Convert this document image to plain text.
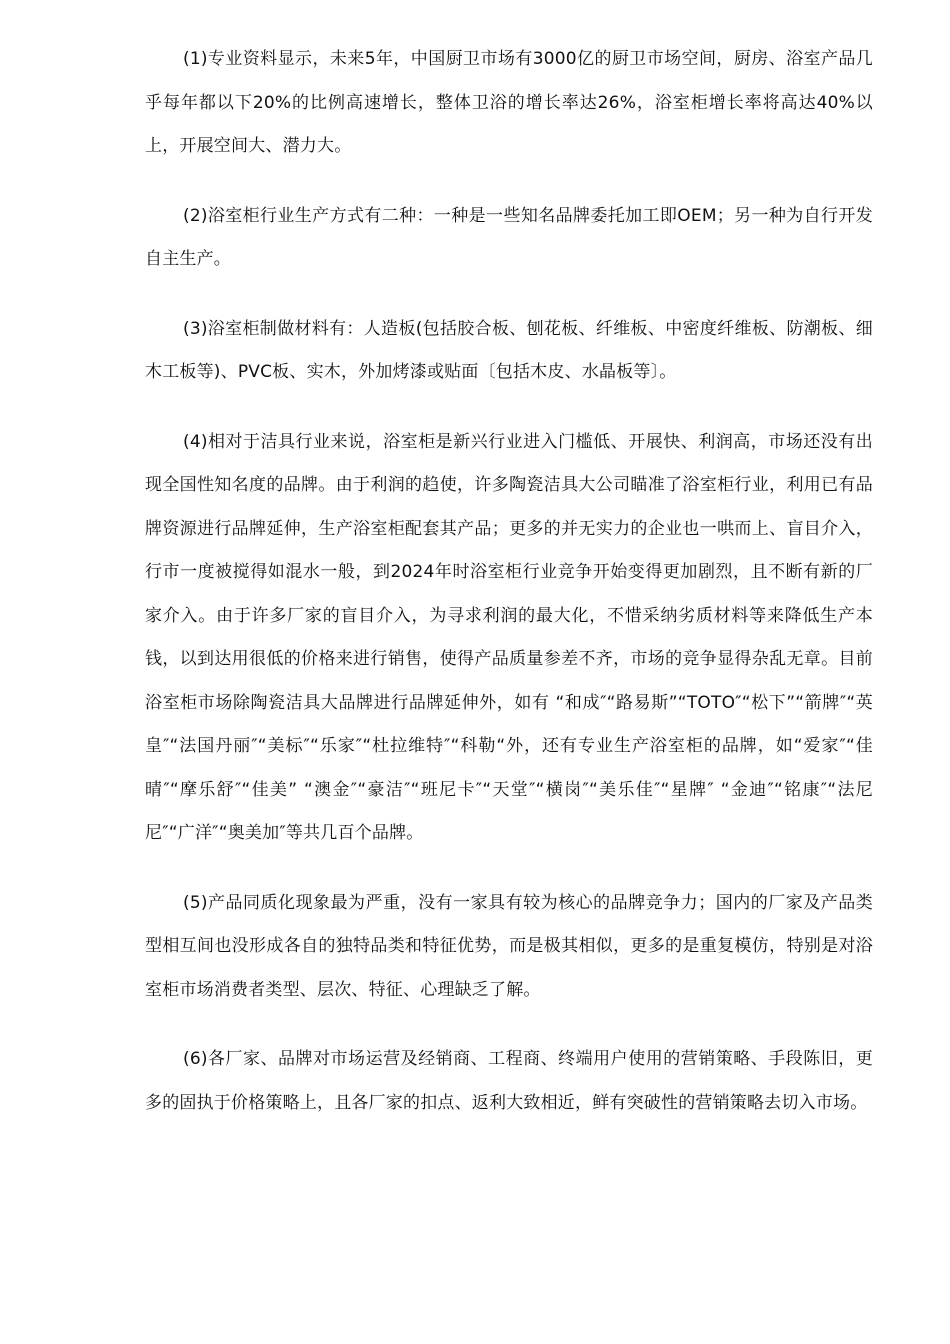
(1)专业资料显示，未来5年，中国厨卫市场有3000亿的厨卫市场空间，厨房、浴室产品几乎每年都以下20%的比例高速增长，整体卫浴的增长率达26%，浴室柜增长率将高达40%以上，开展空间大、潜力大。

(2)浴室柜行业生产方式有二种：一种是一些知名品牌委托加工即OEM；另一种为自行开发自主生产。

(3)浴室柜制做材料有：人造板(包括胶合板、刨花板、纤维板、中密度纤维板、防潮板、细木工板等)、PVC板、实木，外加烤漆或贴面〔包括木皮、水晶板等〕。

(4)相对于洁具行业来说，浴室柜是新兴行业进入门槛低、开展快、利润高，市场还没有出现全国性知名度的品牌。由于利润的趋使，许多陶瓷洁具大公司瞄准了浴室柜行业，利用已有品牌资源进行品牌延伸，生产浴室柜配套其产品；更多的并无实力的企业也一哄而上、盲目介入，行市一度被搅得如混水一般，到2024年时浴室柜行业竞争开始变得更加剧烈，且不断有新的厂家介入。由于许多厂家的盲目介入，为寻求利润的最大化，不惜采纳劣质材料等来降低生产本钱，以到达用很低的价格来进行销售，使得产品质量参差不齐，市场的竞争显得杂乱无章。目前浴室柜市场除陶瓷洁具大品牌进行品牌延伸外，如有 “和成″“路易斯”“TOTO″“松下”“箭牌″“英皇″“法国丹丽″“美标″“乐家″“杜拉维特″“科勒“外，还有专业生产浴室柜的品牌，如“爱家″“佳晴″“摩乐舒″“佳美” “澳金″“豪洁″“班尼卡″“天堂″“横岗″“美乐佳″“星牌″ “金迪″“铭康″“法尼尼″“广洋″“奥美加″等共几百个品牌。

(5)产品同质化现象最为严重，没有一家具有较为核心的品牌竞争力；国内的厂家及产品类型相互间也没形成各自的独特品类和特征优势，而是极其相似，更多的是重复模仿，特别是对浴室柜市场消费者类型、层次、特征、心理缺乏了解。

(6)各厂家、品牌对市场运营及经销商、工程商、终端用户使用的营销策略、手段陈旧，更多的固执于价格策略上，且各厂家的扣点、返利大致相近，鲜有突破性的营销策略去切入市场。
